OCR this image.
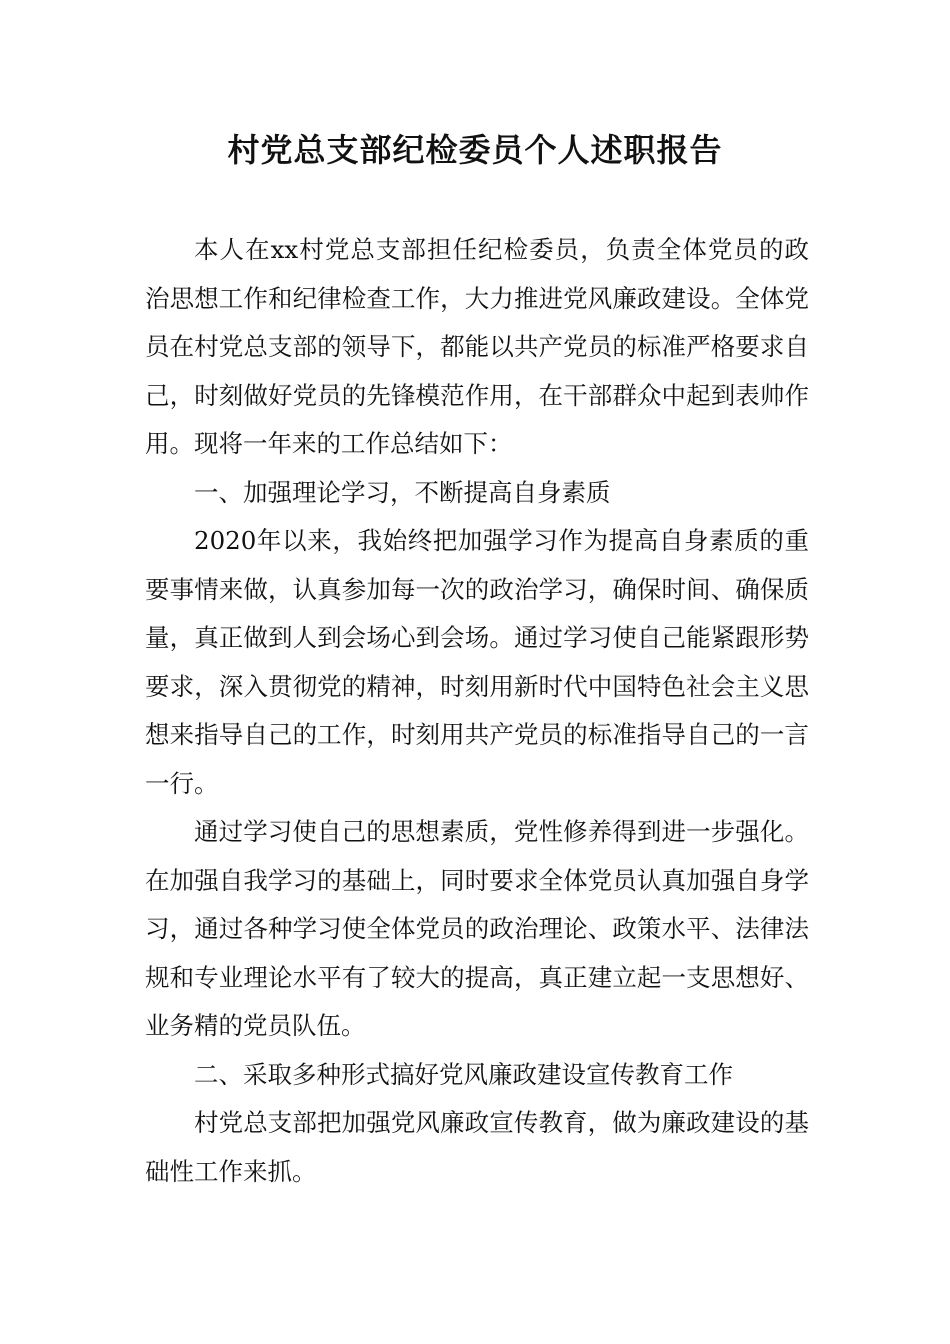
村党总支部纪检委员个人述职报告

本人在xx村党总支部担任纪检委员，负责全体党员的政治思想工作和纪律检查工作，大力推进党风廉政建设。全体党员在村党总支部的领导下，都能以共产党员的标准严格要求自己，时刻做好党员的先锋模范作用，在干部群众中起到表帅作用。现将一年来的工作总结如下：

一、加强理论学习，不断提高自身素质

2020年以来，我始终把加强学习作为提高自身素质的重要事情来做，认真参加每一次的政治学习，确保时间、确保质量，真正做到人到会场心到会场。通过学习使自己能紧跟形势要求，深入贯彻党的精神，时刻用新时代中国特色社会主义思想来指导自己的工作，时刻用共产党员的标准指导自己的一言一行。

通过学习使自己的思想素质，党性修养得到进一步强化。在加强自我学习的基础上，同时要求全体党员认真加强自身学习，通过各种学习使全体党员的政治理论、政策水平、法律法规和专业理论水平有了较大的提高，真正建立起一支思想好、业务精的党员队伍。

二、采取多种形式搞好党风廉政建设宣传教育工作

村党总支部把加强党风廉政宣传教育，做为廉政建设的基础性工作来抓。
